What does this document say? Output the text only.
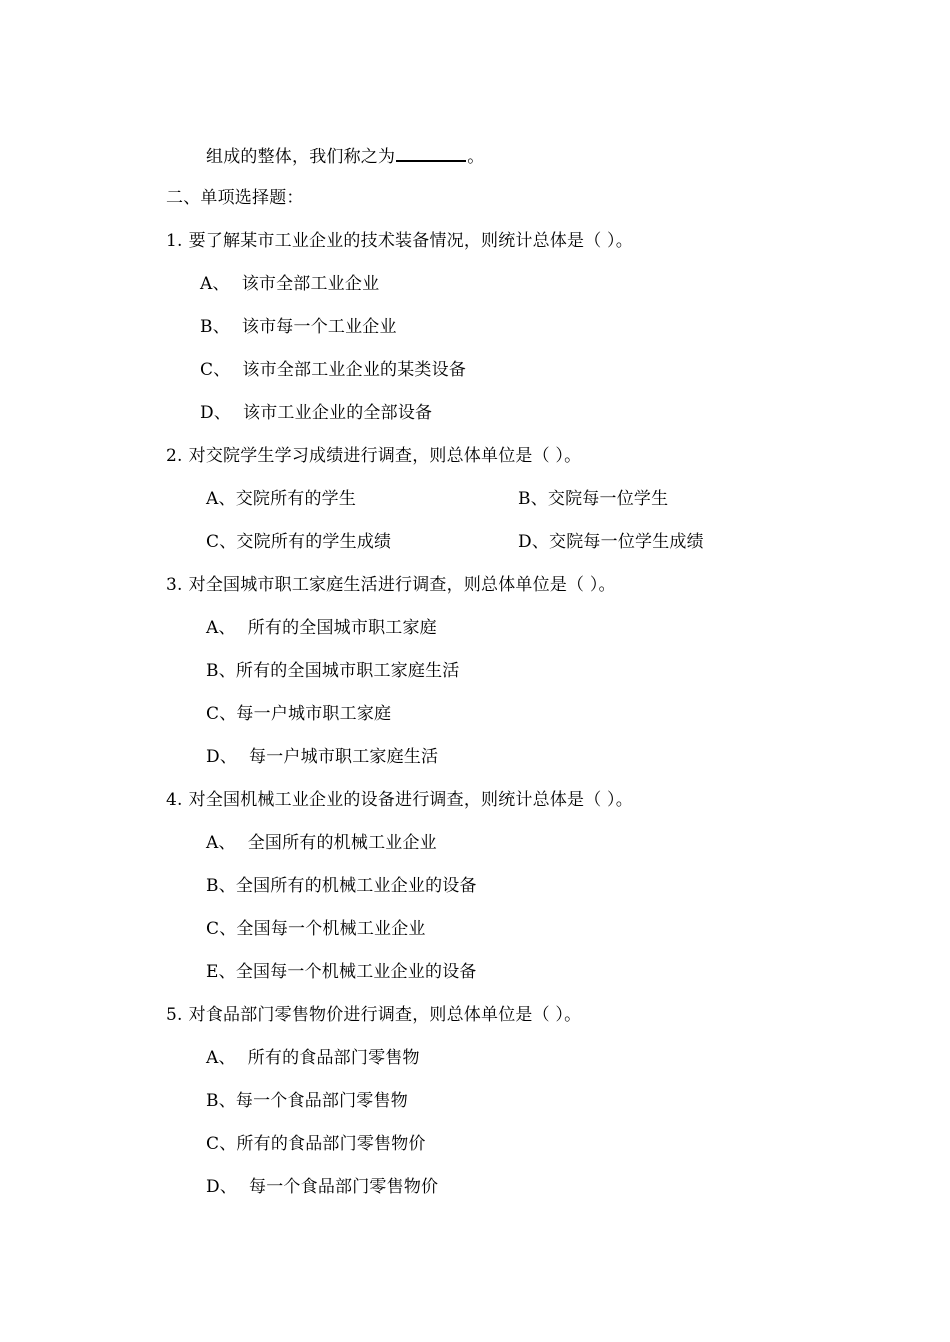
组成的整体，我们称之为	。
二、单项选择题：
1. 要了解某市工业企业的技术装备情况，则统计总体是（ ）。
A、 该市全部工业企业
B、 该市每一个工业企业
C、 该市全部工业企业的某类设备
D、 该市工业企业的全部设备
2. 对交院学生学习成绩进行调查，则总体单位是（ ）。
A、交院所有的学生	B、交院每一位学生
C、交院所有的学生成绩	D、交院每一位学生成绩
3. 对全国城市职工家庭生活进行调查，则总体单位是（ ）。
A、 所有的全国城市职工家庭
B、所有的全国城市职工家庭生活
C、每一户城市职工家庭
D、 每一户城市职工家庭生活
4. 对全国机械工业企业的设备进行调查，则统计总体是（ ）。
A、 全国所有的机械工业企业
B、全国所有的机械工业企业的设备
C、全国每一个机械工业企业
E、全国每一个机械工业企业的设备
5. 对食品部门零售物价进行调查，则总体单位是（ ）。
A、 所有的食品部门零售物
B、每一个食品部门零售物
C、所有的食品部门零售物价
D、 每一个食品部门零售物价
